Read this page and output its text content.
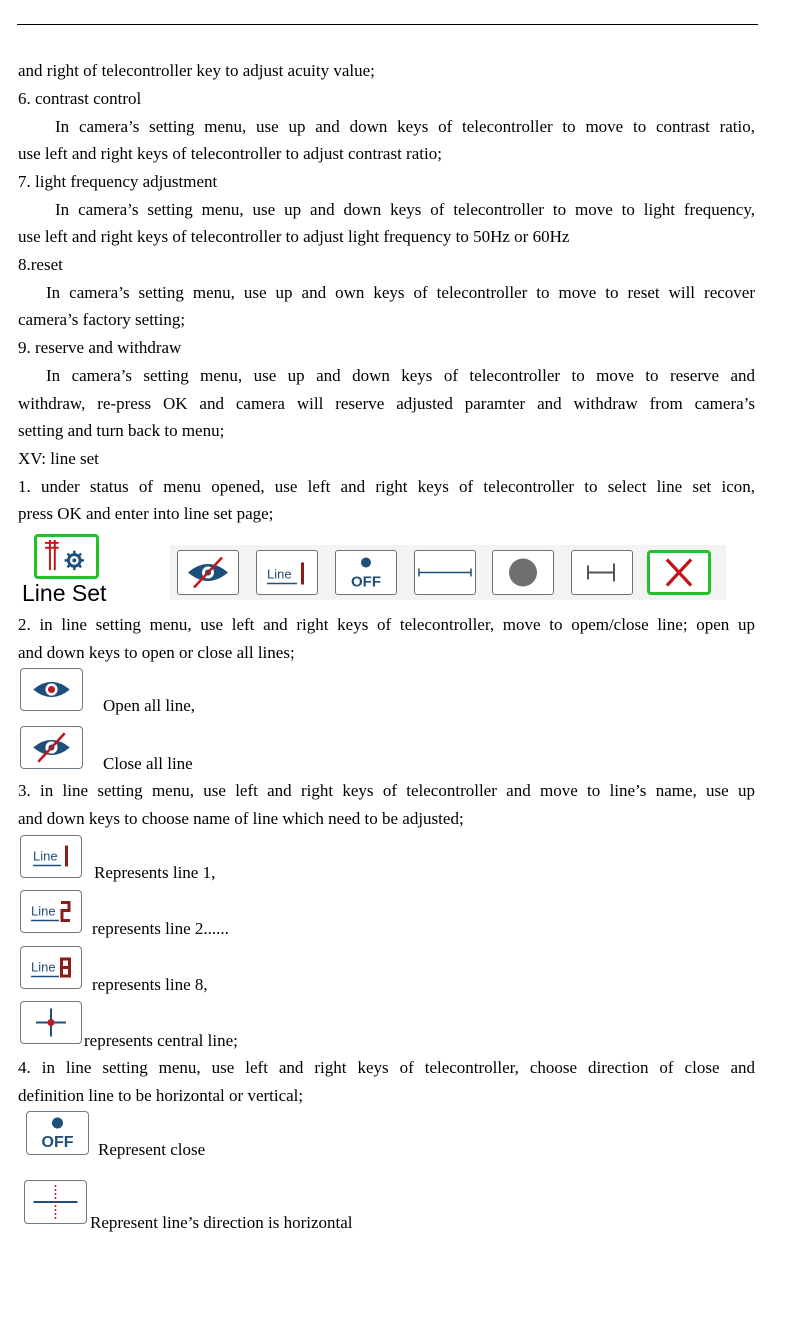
and right of telecontroller key to adjust acuity value;

6. contrast control

In camera’s setting menu, use up and down keys of telecontroller to move to contrast ratio,

use left and right keys of telecontroller to adjust contrast ratio;

7. light frequency adjustment

In camera’s setting menu, use up and down keys of telecontroller to move to light frequency,

use left and right keys of telecontroller to adjust light frequency to 50Hz or 60Hz

8.reset

In camera’s setting menu, use up and own keys of telecontroller to move to reset will recover

camera’s factory setting;

9. reserve and withdraw

In camera’s setting menu, use up and down keys of telecontroller to move to reserve and

withdraw, re-press OK and camera will reserve adjusted paramter and withdraw from camera’s

setting and turn back to menu;

XV: line set

1. under status of menu opened, use left and right keys of telecontroller to select line set icon,

press OK and enter into line set page;

Line Set
Line	OFF

2. in line setting menu, use left and right keys of telecontroller, move to opem/close line; open up

and down keys to open or close all lines;

Open all line,
Close all line

3. in line setting menu, use left and right keys of telecontroller and move to line’s name, use up

and down keys to choose name of line which need to be adjusted;

Line
Represents line 1,
Line
represents line 2......
Line
represents line 8,
represents central line;

4. in line setting menu, use left and right keys of telecontroller, choose direction of close and

definition line to be horizontal or vertical;

OFF Represent close
Represent line’s direction is horizontal
